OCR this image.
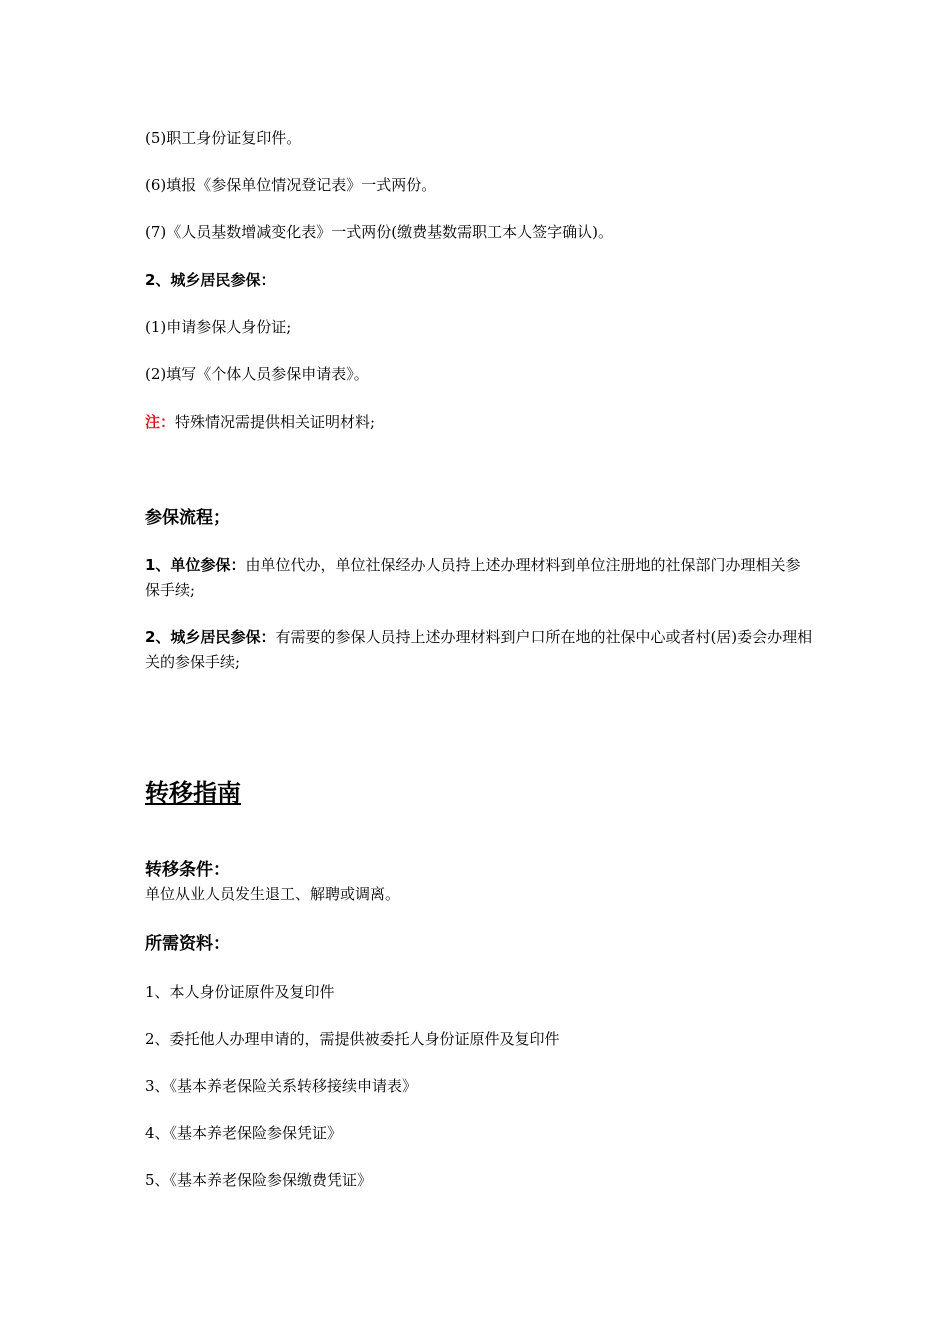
(5)职工身份证复印件。
(6)填报《参保单位情况登记表》一式两份。
(7)《人员基数增减变化表》一式两份(缴费基数需职工本人签字确认)。
2、城乡居民参保：
(1)申请参保人身份证;
(2)填写《个体人员参保申请表》。
注：特殊情况需提供相关证明材料;
参保流程；
1、单位参保：由单位代办，单位社保经办人员持上述办理材料到单位注册地的社保部门办理相关参保手续;
2、城乡居民参保：有需要的参保人员持上述办理材料到户口所在地的社保中心或者村(居)委会办理相关的参保手续;
转移指南
转移条件：
单位从业人员发生退工、解聘或调离。
所需资料：
1、本人身份证原件及复印件
2、委托他人办理申请的，需提供被委托人身份证原件及复印件
3、《基本养老保险关系转移接续申请表》
4、《基本养老保险参保凭证》
5、《基本养老保险参保缴费凭证》
